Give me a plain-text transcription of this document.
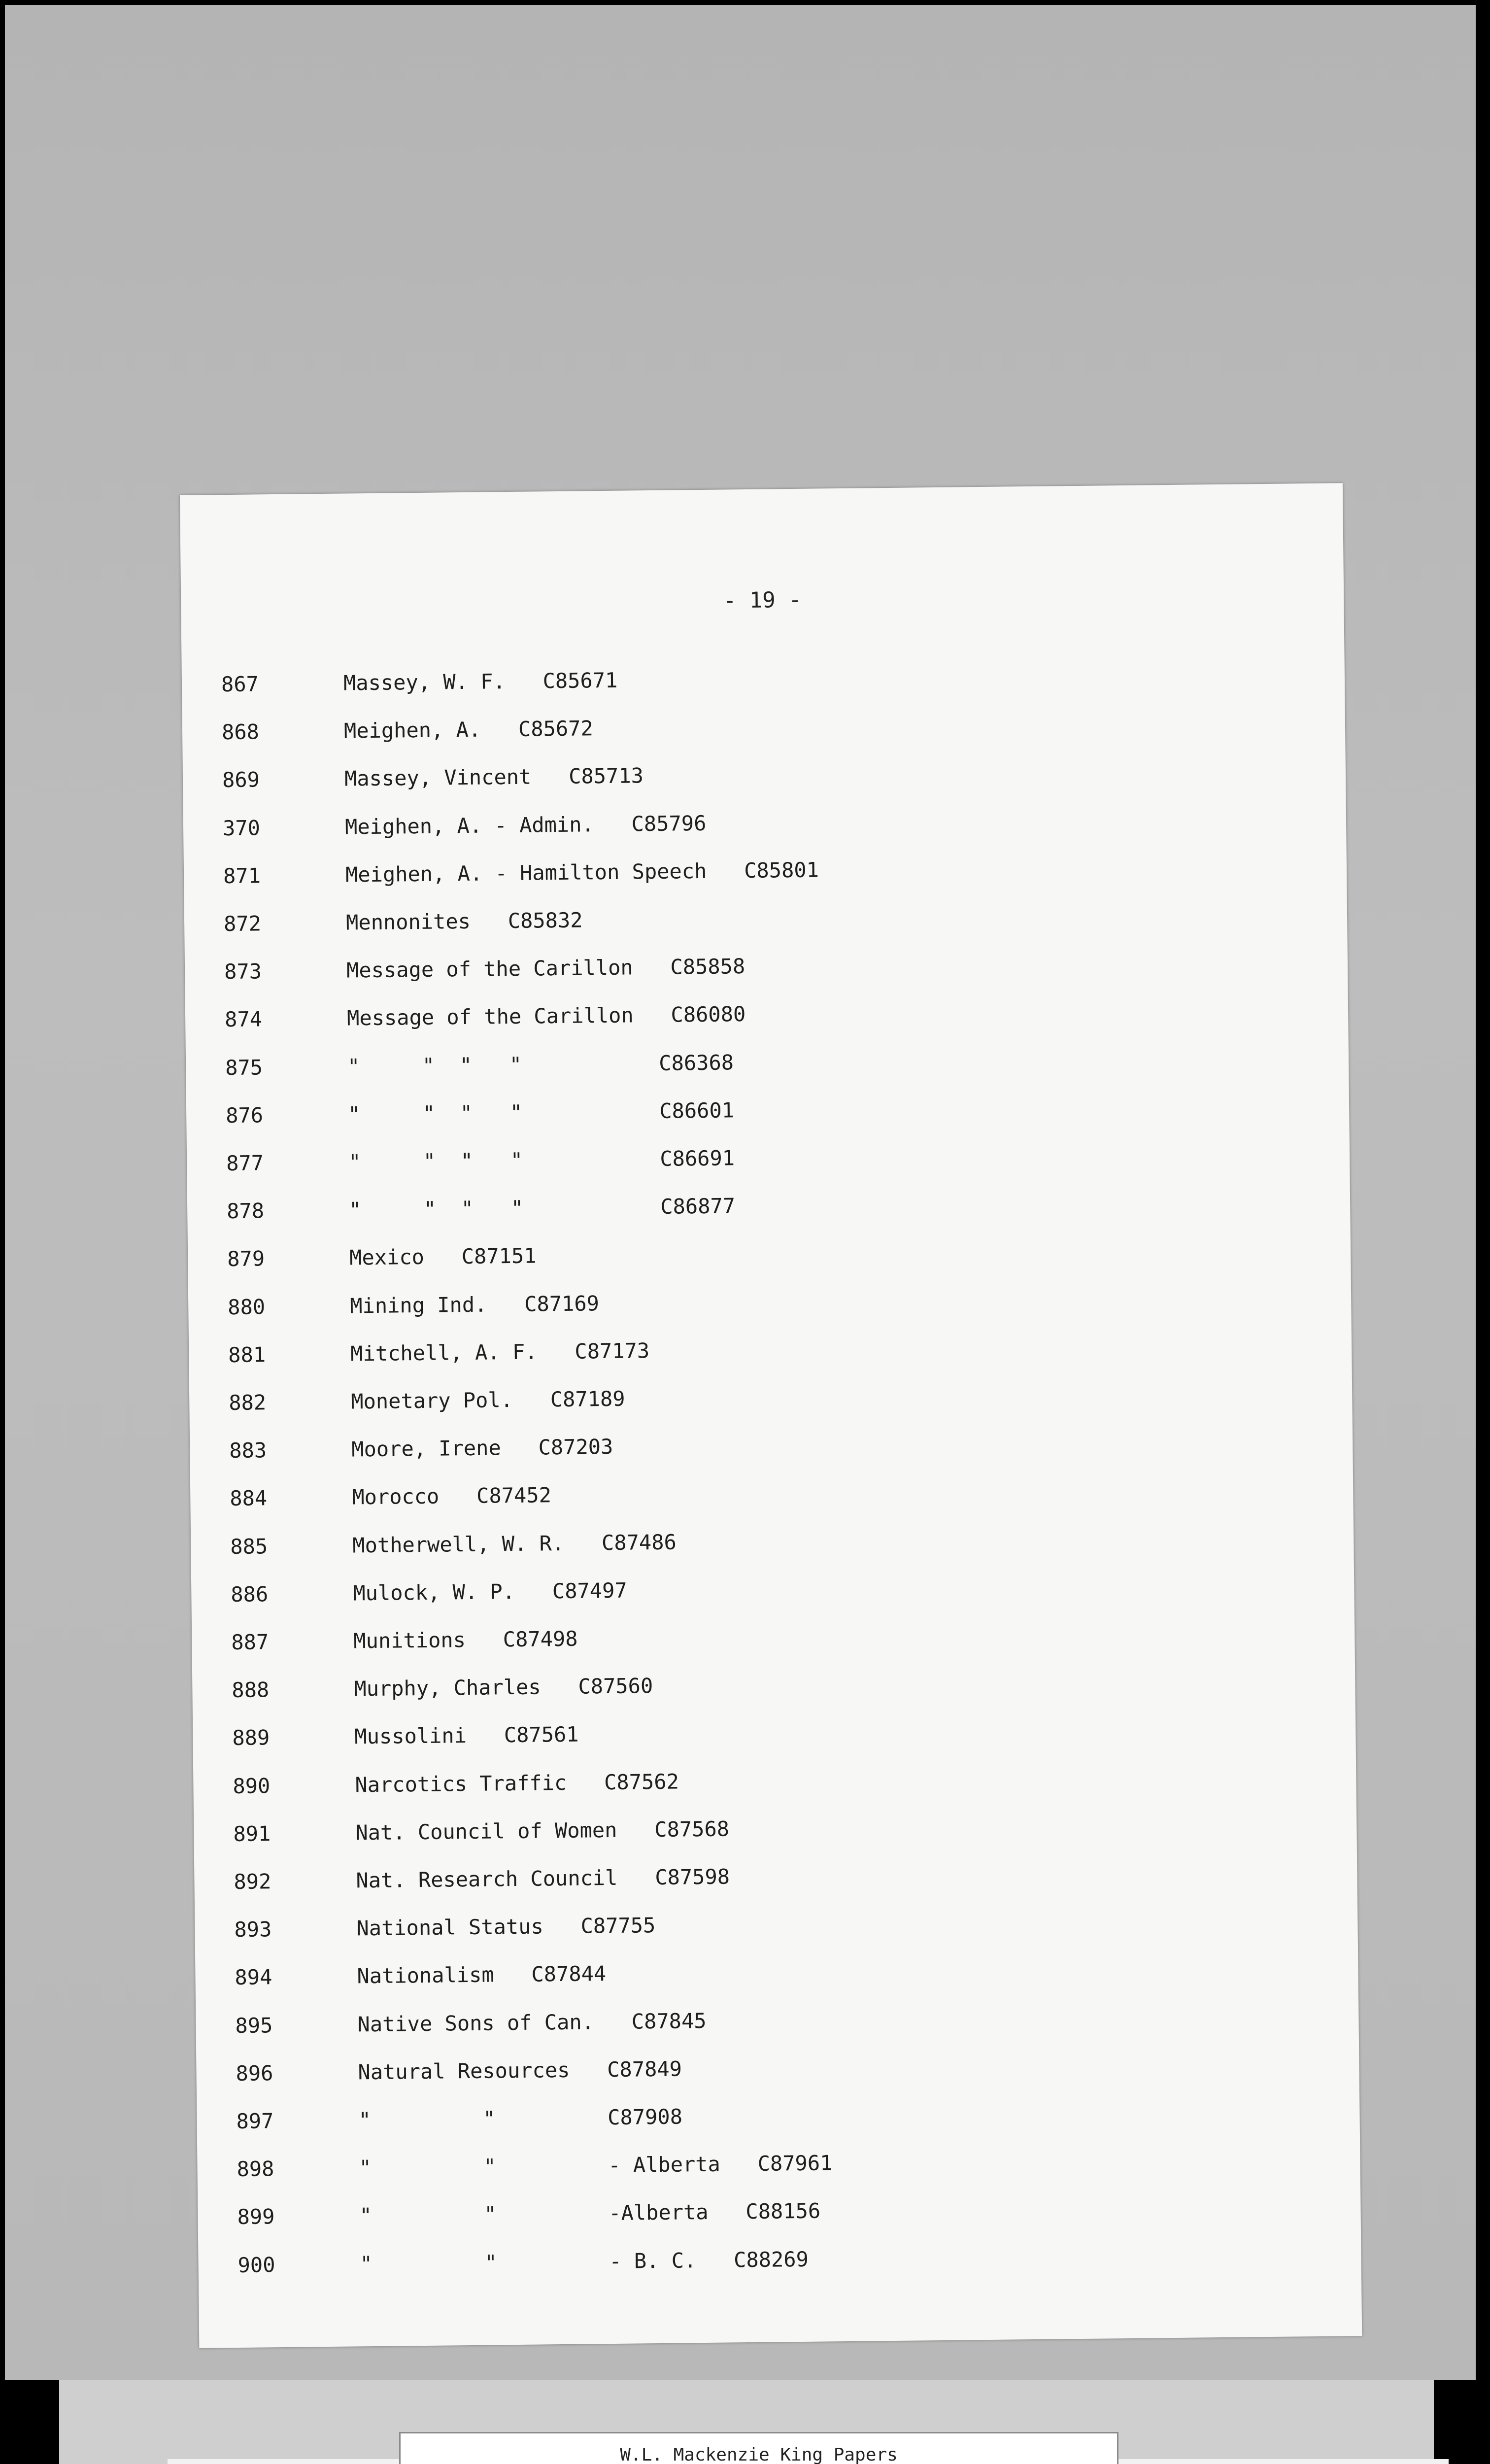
- 19 -
867	Massey, W. F.   C85671
868	Meighen, A.   C85672
869	Massey, Vincent   C85713
370	Meighen, A. - Admin.   C85796
871	Meighen, A. - Hamilton Speech   C85801
872	Mennonites   C85832
873	Message of the Carillon   C85858
874	Message of the Carillon   C86080
875	"     "  "   "           C86368
876	"     "  "   "           C86601
877	"     "  "   "           C86691
878	"     "  "   "           C86877
879	Mexico   C87151
880	Mining Ind.   C87169
881	Mitchell, A. F.   C87173
882	Monetary Pol.   C87189
883	Moore, Irene   C87203
884	Morocco   C87452
885	Motherwell, W. R.   C87486
886	Mulock, W. P.   C87497
887	Munitions   C87498
888	Murphy, Charles   C87560
889	Mussolini   C87561
890	Narcotics Traffic   C87562
891	Nat. Council of Women   C87568
892	Nat. Research Council   C87598
893	National Status   C87755
894	Nationalism   C87844
895	Native Sons of Can.   C87845
896	Natural Resources   C87849
897	"         "         C87908
898	"         "         - Alberta   C87961
899	"         "         -Alberta   C88156
900	"         "         - B. C.   C88269
W.L. Mackenzie King Papers
